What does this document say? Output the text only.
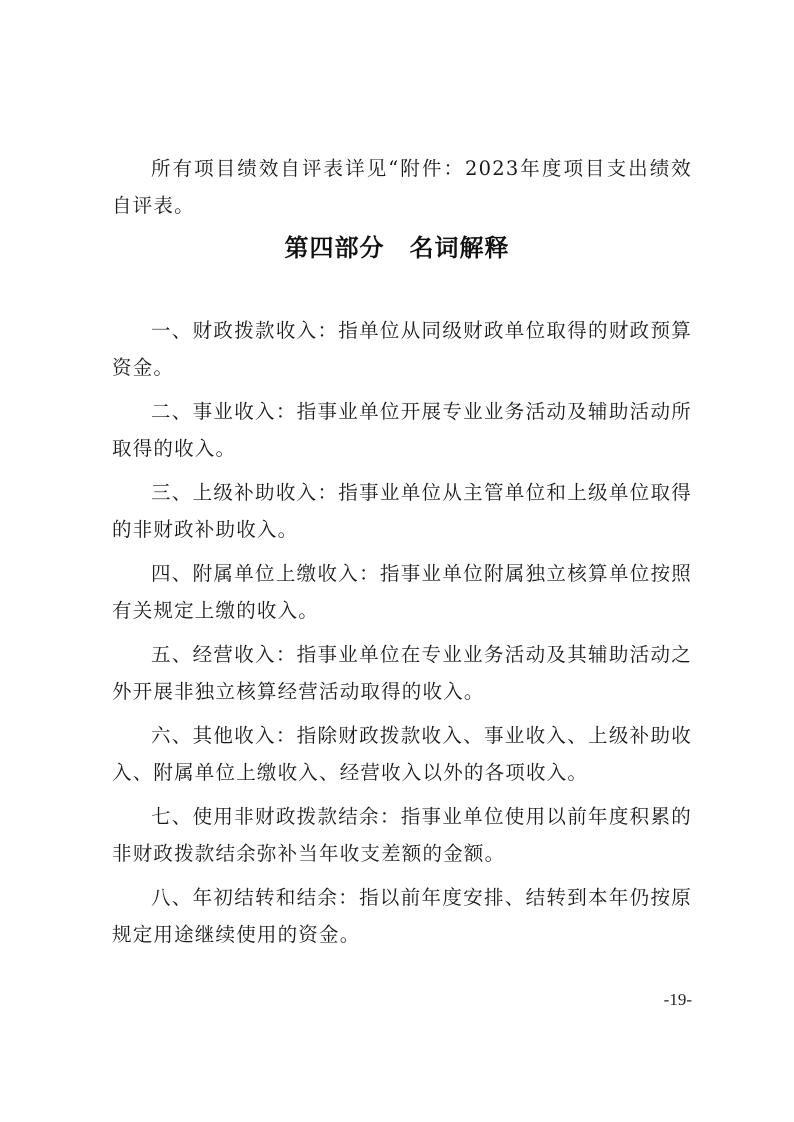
所有项目绩效自评表详见“附件：2023年度项目支出绩效自评表。

第四部分　名词解释

一、财政拨款收入：指单位从同级财政单位取得的财政预算资金。

二、事业收入：指事业单位开展专业业务活动及辅助活动所取得的收入。

三、上级补助收入：指事业单位从主管单位和上级单位取得的非财政补助收入。

四、附属单位上缴收入：指事业单位附属独立核算单位按照有关规定上缴的收入。

五、经营收入：指事业单位在专业业务活动及其辅助活动之外开展非独立核算经营活动取得的收入。

六、其他收入：指除财政拨款收入、事业收入、上级补助收入、附属单位上缴收入、经营收入以外的各项收入。

七、使用非财政拨款结余：指事业单位使用以前年度积累的非财政拨款结余弥补当年收支差额的金额。

八、年初结转和结余：指以前年度安排、结转到本年仍按原规定用途继续使用的资金。

-19-
